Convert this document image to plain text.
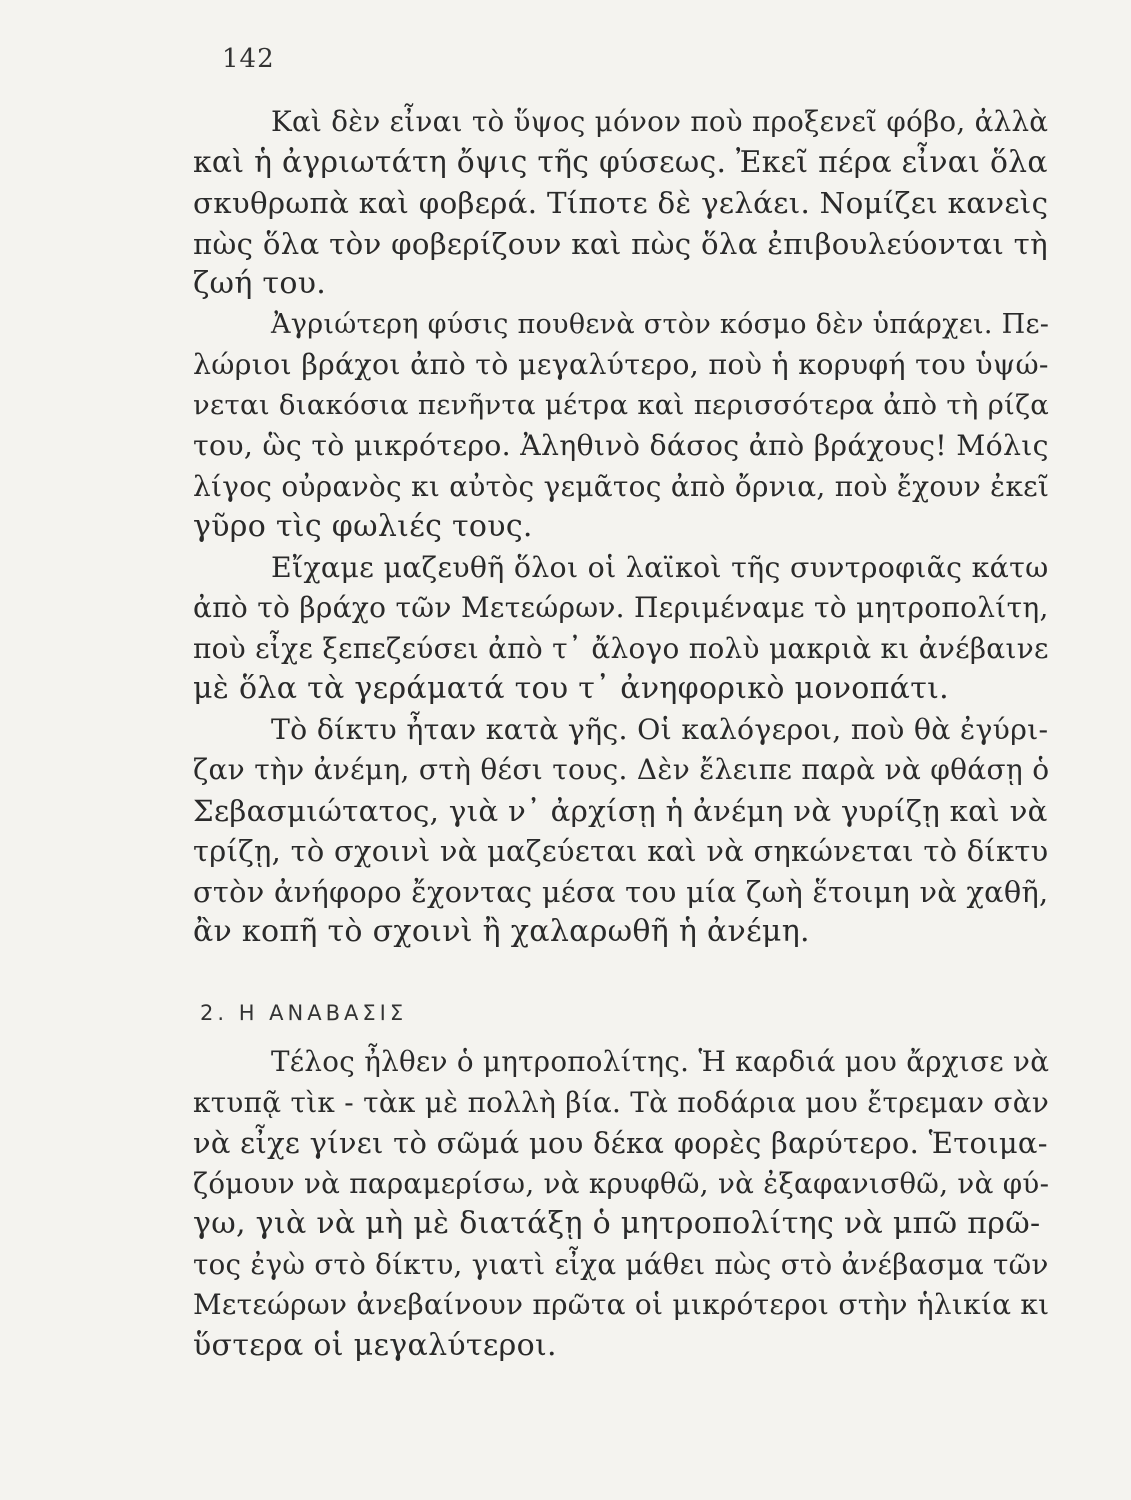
142
Καὶ δὲν εἶναι τὸ ὕψος μόνον ποὺ προξενεῖ φόβο, ἀλλὰ
καὶ ἡ ἀγριωτάτη ὄψις τῆς φύσεως. Ἐκεῖ πέρα εἶναι ὅλα
σκυθρωπὰ καὶ φοβερά. Τίποτε δὲ γελάει. Νομίζει κανεὶς
πὼς ὅλα τὸν φοβερίζουν καὶ πὼς ὅλα ἐπιβουλεύονται τὴ
ζωή του.
Ἀγριώτερη φύσις πουθενὰ στὸν κόσμο δὲν ὑπάρχει. Πε-
λώριοι βράχοι ἀπὸ τὸ μεγαλύτερο, ποὺ ἡ κορυφή του ὑψώ-
νεται διακόσια πενῆντα μέτρα καὶ περισσότερα ἀπὸ τὴ ρίζα
του, ὣς τὸ μικρότερο. Ἀληθινὸ δάσος ἀπὸ βράχους! Μόλις
λίγος οὐρανὸς κι αὐτὸς γεμᾶτος ἀπὸ ὄρνια, ποὺ ἔχουν ἐκεῖ
γῦρο τὶς φωλιές τους.
Εἴχαμε μαζευθῆ ὅλοι οἱ λαϊκοὶ τῆς συντροφιᾶς κάτω
ἀπὸ τὸ βράχο τῶν Μετεώρων. Περιμέναμε τὸ μητροπολίτη,
ποὺ εἶχε ξεπεζεύσει ἀπὸ τ᾿ ἄλογο πολὺ μακριὰ κι ἀνέβαινε
μὲ ὅλα τὰ γεράματά του τ᾿ ἀνηφορικὸ μονοπάτι.
Τὸ δίκτυ ἦταν κατὰ γῆς. Οἱ καλόγεροι, ποὺ θὰ ἐγύρι-
ζαν τὴν ἀνέμη, στὴ θέσι τους. Δὲν ἔλειπε παρὰ νὰ φθάσῃ ὁ
Σεβασμιώτατος, γιὰ ν᾿ ἀρχίσῃ ἡ ἀνέμη νὰ γυρίζῃ καὶ νὰ
τρίζῃ, τὸ σχοινὶ νὰ μαζεύεται καὶ νὰ σηκώνεται τὸ δίκτυ
στὸν ἀνήφορο ἔχοντας μέσα του μία ζωὴ ἕτοιμη νὰ χαθῆ,
ἂν κοπῆ τὸ σχοινὶ ἢ χαλαρωθῆ ἡ ἀνέμη.
2. Η ΑΝΑΒΑΣΙΣ
Τέλος ἦλθεν ὁ μητροπολίτης. Ἡ καρδιά μου ἄρχισε νὰ
κτυπᾷ τὶκ - τὰκ μὲ πολλὴ βία. Τὰ ποδάρια μου ἔτρεμαν σὰν
νὰ εἶχε γίνει τὸ σῶμά μου δέκα φορὲς βαρύτερο. Ἑτοιμα-
ζόμουν νὰ παραμερίσω, νὰ κρυφθῶ, νὰ ἐξαφανισθῶ, νὰ φύ-
γω, γιὰ νὰ μὴ μὲ διατάξῃ ὁ μητροπολίτης νὰ μπῶ πρῶ-
τος ἐγὼ στὸ δίκτυ, γιατὶ εἶχα μάθει πὼς στὸ ἀνέβασμα τῶν
Μετεώρων ἀνεβαίνουν πρῶτα οἱ μικρότεροι στὴν ἡλικία κι
ὕστερα οἱ μεγαλύτεροι.
